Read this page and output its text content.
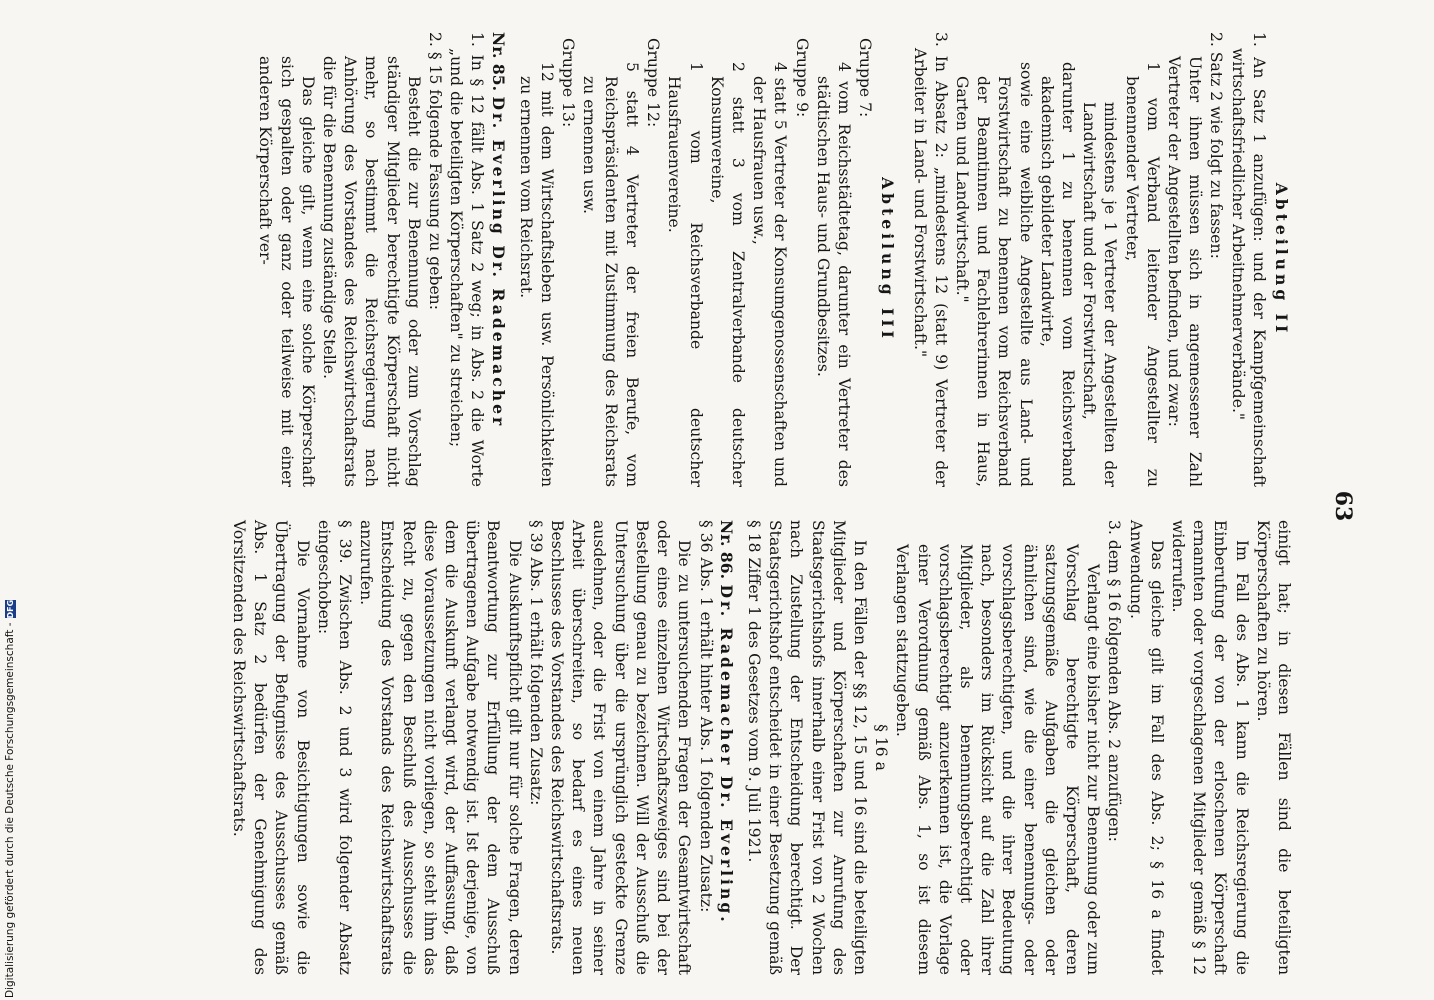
63

Abteilung II

1. An Satz 1 anzufügen: und der Kampfgemeinschaft wirtschaftsfriedlicher Arbeitnehmerverbände."

2. Satz 2 wie folgt zu fassen:

Unter ihnen müssen sich in angemessener Zahl Vertreter der Angestellten befinden, und zwar:

1 vom Verband leitender Angestellter zu benennender Vertreter,

mindestens je 1 Vertreter der Angestellten der Landwirtschaft und der Forstwirtschaft,

darunter 1 zu benennen vom Reichsverband akademisch gebildeter Landwirte,

sowie eine weibliche Angestellte aus Land- und Forstwirtschaft zu benennen vom Reichsverband der Beamtinnen und Fachlehrerinnen in Haus, Garten und Landwirtschaft."

3. In Absatz 2: „mindestens 12 (statt 9) Vertreter der Arbeiter in Land- und Forstwirtschaft."

Abteilung III

Gruppe 7:

4 vom Reichsstädtetag, darunter ein Vertreter des städtischen Haus- und Grundbesitzes.

Gruppe 9:

4 statt 5 Vertreter der Konsumgenossenschaften und der Hausfrauen usw.,

2 statt 3 vom Zentralverbande deutscher Konsumvereine,

1 vom Reichsverbande deutscher Hausfrauenvereine.

Gruppe 12:

5 statt 4 Vertreter der freien Berufe, vom Reichspräsidenten mit Zustimmung des Reichsrats zu ernennen usw.

Gruppe 13:

12 mit dem Wirtschaftsleben usw. Persönlichkeiten zu ernennen vom Reichsrat.

Nr. 85. Dr. Everling Dr. Rademacher

1. In § 12 fällt Abs. 1 Satz 2 weg; in Abs. 2 die Worte „und die beteiligten Körperschaften" zu streichen;

2. § 15 folgende Fassung zu geben:

Besteht die zur Benennung oder zum Vorschlag ständiger Mitglieder berechtigte Körperschaft nicht mehr, so bestimmt die Reichsregierung nach Anhörung des Vorstandes des Reichswirtschaftsrats die für die Benennung zuständige Stelle.

Das gleiche gilt, wenn eine solche Körperschaft sich gespalten oder ganz oder teilweise mit einer anderen Körperschaft ver-

einigt hat; in diesen Fällen sind die beteiligten Körperschaften zu hören.

Im Fall des Abs. 1 kann die Reichsregierung die Einberufung der von der erloschenen Körperschaft ernannten oder vorgeschlagenen Mitglieder gemäß § 12 widerrufen.

Das gleiche gilt im Fall des Abs. 2; § 16 a findet Anwendung.

3. dem § 16 folgenden Abs. 2 anzufügen:

Verlangt eine bisher nicht zur Benennung oder zum Vorschlag berechtigte Körperschaft, deren satzungsgemäße Aufgaben die gleichen oder ähnlichen sind, wie die einer benennungs- oder vorschlagsberechtigten, und die ihrer Bedeutung nach, besonders im Rücksicht auf die Zahl ihrer Mitglieder, als benennungsberechtigt oder vorschlagsberechtigt anzuerkennen ist, die Vorlage einer Verordnung gemäß Abs. 1, so ist diesem Verlangen stattzugeben.

§ 16 a

In den Fällen der §§ 12, 15 und 16 sind die beteiligten Mitglieder und Körperschaften zur Anrufung des Staatsgerichtshofs innerhalb einer Frist von 2 Wochen nach Zustellung der Entscheidung berechtigt. Der Staatsgerichtshof entscheidet in einer Besetzung gemäß § 18 Ziffer 1 des Gesetzes vom 9. Juli 1921.

Nr. 86. Dr. Rademacher Dr. Everling.

§ 36 Abs. 1 erhält hinter Abs. 1 folgenden Zusatz:

Die zu untersuchenden Fragen der Gesamtwirtschaft oder eines einzelnen Wirtschaftszweiges sind bei der Bestellung genau zu bezeichnen. Will der Ausschuß die Untersuchung über die ursprünglich gesteckte Grenze ausdehnen, oder die Frist von einem Jahre in seiner Arbeit überschreiten, so bedarf es eines neuen Beschlusses des Vorstandes des Reichswirtschaftsrats.

§ 39 Abs. 1 erhält folgenden Zusatz:

Die Auskunftspflicht gilt nur für solche Fragen, deren Beantwortung zur Erfüllung der dem Ausschuß übertragenen Aufgabe notwendig ist. Ist derjenige, von dem die Auskunft verlangt wird, der Auffassung, daß diese Voraussetzungen nicht vorliegen, so steht ihm das Recht zu, gegen den Beschluß des Ausschusses die Entscheidung des Vorstands des Reichswirtschaftsrats anzurufen.

§ 39. Zwischen Abs. 2 und 3 wird folgender Absatz eingeschoben:

Die Vornahme von Besichtigungen sowie die Übertragung der Befugnisse des Ausschusses gemäß Abs. 1 Satz 2 bedürfen der Genehmigung des Vorsitzenden des Reichswirtschaftsrats.

Digitalisierung gefördert durch die Deutsche Forschungsgemeinschaft -
DFG
